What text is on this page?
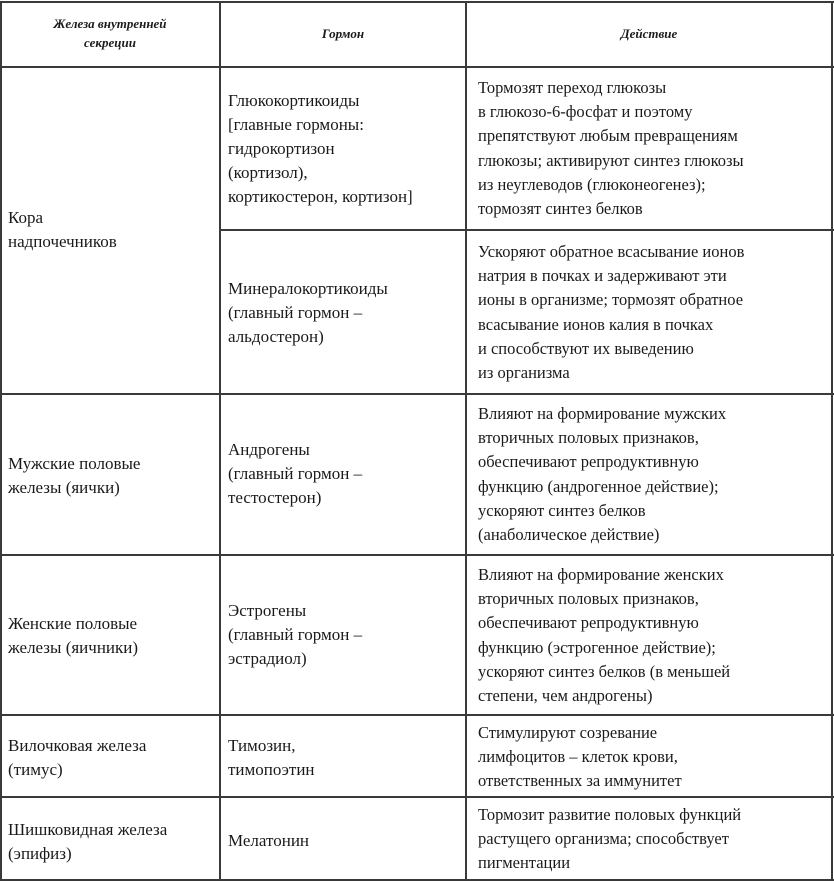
Железа внутренней
секреции
Гормон	Действие
Кора
надпочечников
Глюкокортикоиды
[главные гормоны:
гидрокортизон
(кортизол),
кортикостерон, кортизон]
Тормозят переход глюкозы
в глюкозо-6-фосфат и поэтому
препятствуют любым превращениям
глюкозы; активируют синтез глюкозы
из неуглеводов (глюконеогенез);
тормозят синтез белков
Минералокортикоиды
(главный гормон –
альдостерон)
Ускоряют обратное всасывание ионов
натрия в почках и задерживают эти
ионы в организме; тормозят обратное
всасывание ионов калия в почках
и способствуют их выведению
из организма
Мужские половые
железы (яички)
Андрогены
(главный гормон –
тестостерон)
Влияют на формирование мужских
вторичных половых признаков,
обеспечивают репродуктивную
функцию (андрогенное действие);
ускоряют синтез белков
(анаболическое действие)
Женские половые
железы (яичники)
Эстрогены
(главный гормон –
эстрадиол)
Влияют на формирование женских
вторичных половых признаков,
обеспечивают репродуктивную
функцию (эстрогенное действие);
ускоряют синтез белков (в меньшей
степени, чем андрогены)
Вилочковая железа
(тимус)
Тимозин,
тимопоэтин
Стимулируют созревание
лимфоцитов – клеток крови,
ответственных за иммунитет
Шишковидная железа
(эпифиз)
Мелатонин
Тормозит развитие половых функций
растущего организма; способствует
пигментации
